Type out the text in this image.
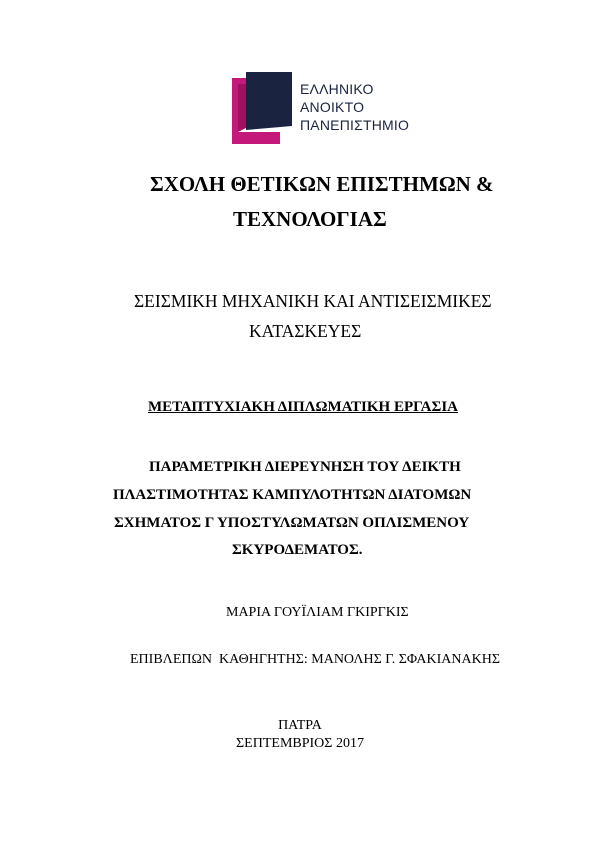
ΕΛΛΗΝΙΚΟ
ΑΝΟΙΚΤΟ
ΠΑΝΕΠΙΣΤΗΜΙΟ
ΣΧΟΛΗ ΘΕΤΙΚΩΝ ΕΠΙΣΤΗΜΩΝ &
ΤΕΧΝΟΛΟΓΙΑΣ
ΣΕΙΣΜΙΚΗ ΜΗΧΑΝΙΚΗ ΚΑΙ ΑΝΤΙΣΕΙΣΜΙΚΕΣ
ΚΑΤΑΣΚΕΥΕΣ
ΜΕΤΑΠΤΥΧΙΑΚΗ ΔΙΠΛΩΜΑΤΙΚΗ ΕΡΓΑΣΙΑ
ΠΑΡΑΜΕΤΡΙΚΗ ΔΙΕΡΕΥΝΗΣΗ ΤΟΥ ΔΕΙΚΤΗ
ΠΛΑΣΤΙΜΟΤΗΤΑΣ ΚΑΜΠΥΛΟΤΗΤΩΝ ΔΙΑΤΟΜΩΝ
ΣΧΗΜΑΤΟΣ Γ ΥΠΟΣΤΥΛΩΜΑΤΩΝ ΟΠΛΙΣΜΕΝΟΥ
ΣΚΥΡΟΔΕΜΑΤΟΣ.
ΜΑΡΙΑ ΓΟΥΪΛΙΑΜ ΓΚΙΡΓΚΙΣ
ΕΠΙΒΛΕΠΩΝ  ΚΑΘΗΓΗΤΗΣ: ΜΑΝΟΛΗΣ Γ. ΣΦΑΚΙΑΝΑΚΗΣ
ΠΑΤΡΑ
ΣΕΠΤΕΜΒΡΙΟΣ 2017
